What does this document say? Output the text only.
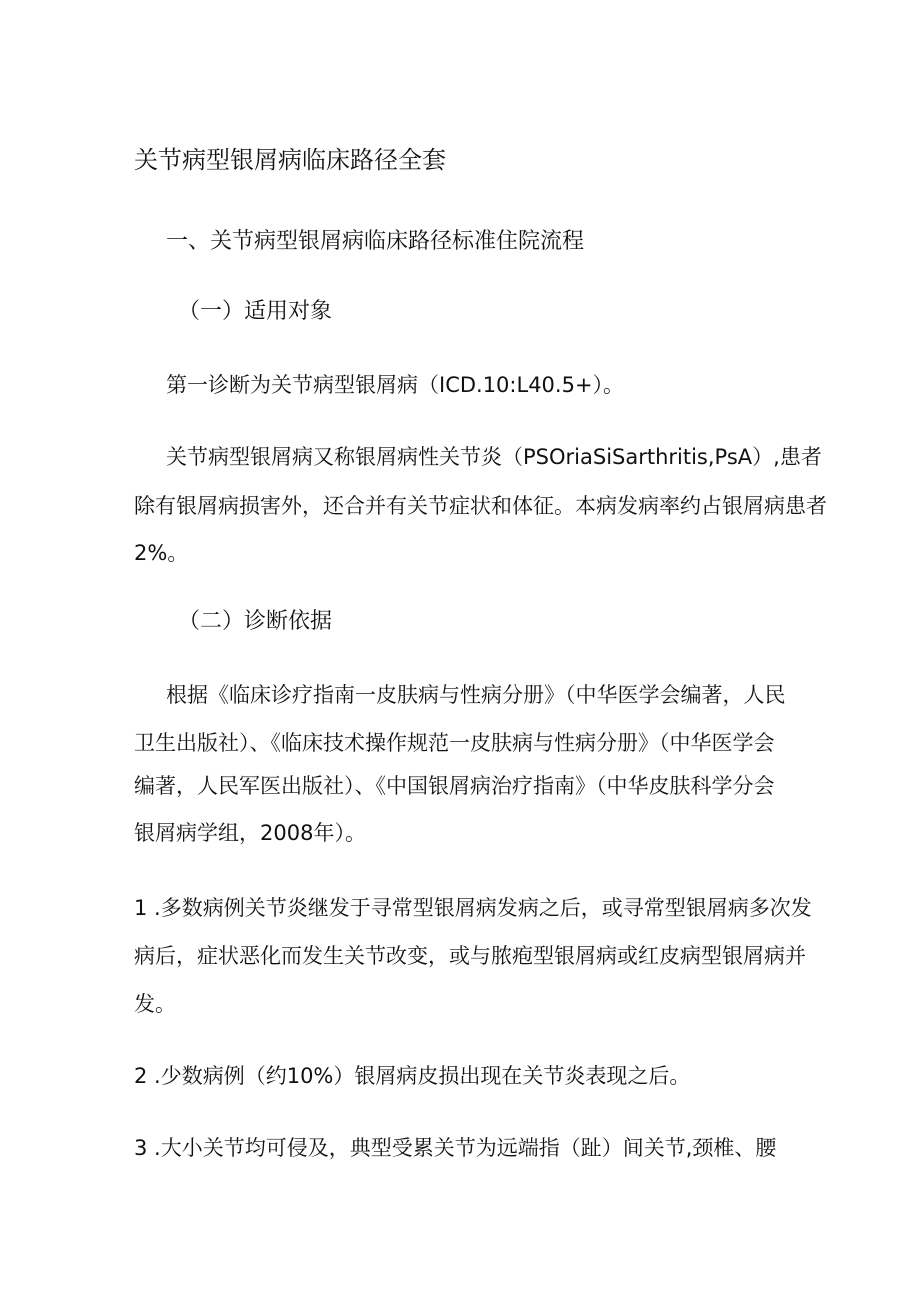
关节病型银屑病临床路径全套

一、关节病型银屑病临床路径标准住院流程

（一）适用对象

第一诊断为关节病型银屑病（ICD.10:L40.5+）。

关节病型银屑病又称银屑病性关节炎（PSOriaSiSarthritis,PsA）,患者

除有银屑病损害外，还合并有关节症状和体征。本病发病率约占银屑病患者

2%。

（二）诊断依据

根据《临床诊疗指南一皮肤病与性病分册》（中华医学会编著，人民

卫生出版社）、《临床技术操作规范一皮肤病与性病分册》（中华医学会

编著，人民军医出版社）、《中国银屑病治疗指南》（中华皮肤科学分会

银屑病学组，2008年）。

1 .多数病例关节炎继发于寻常型银屑病发病之后，或寻常型银屑病多次发

病后，症状恶化而发生关节改变，或与脓疱型银屑病或红皮病型银屑病并

发。

2 .少数病例（约10%）银屑病皮损出现在关节炎表现之后。

3 .大小关节均可侵及，典型受累关节为远端指（趾）间关节,颈椎、腰
